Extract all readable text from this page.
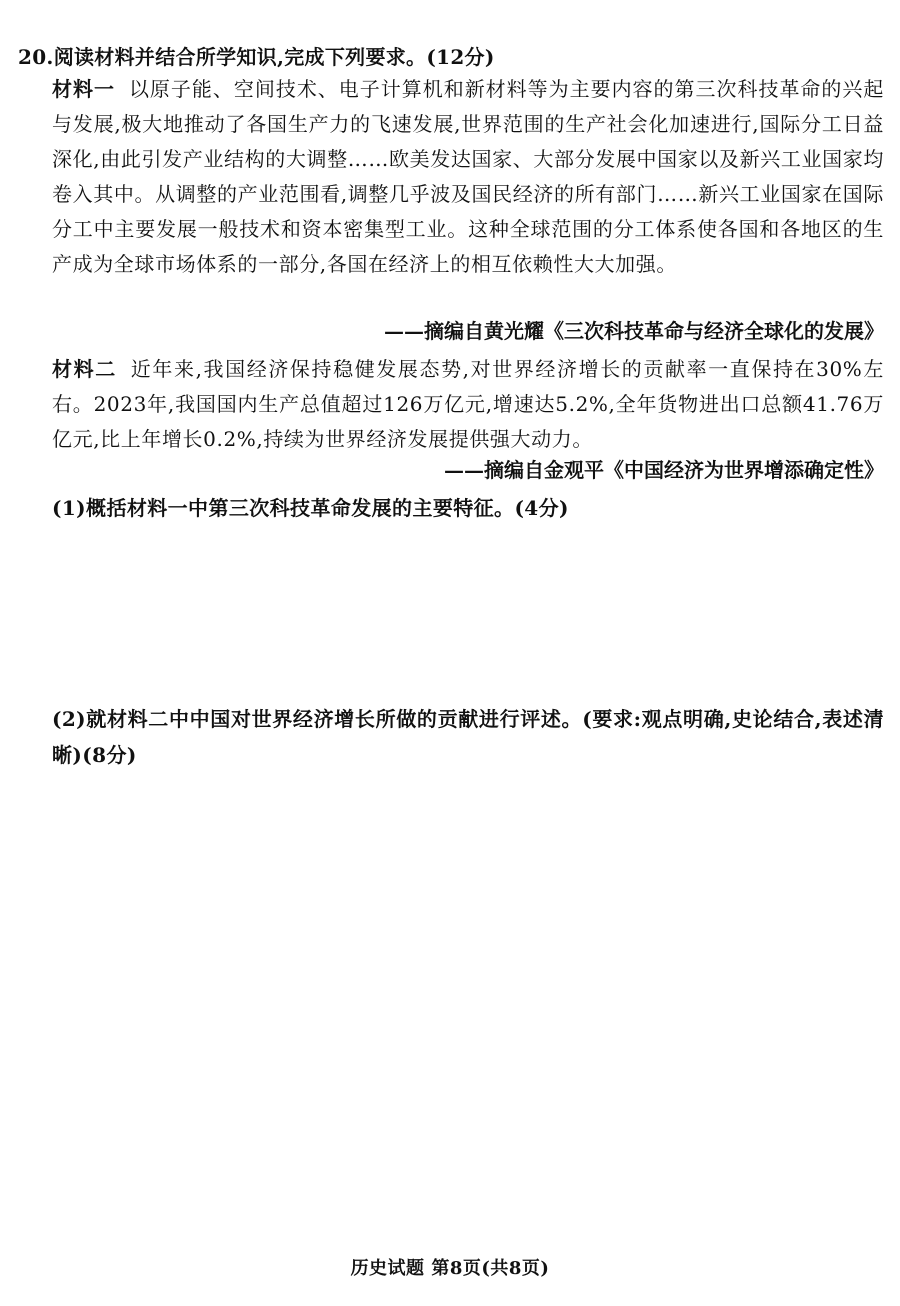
20.阅读材料并结合所学知识,完成下列要求。(12分)
材料一 以原子能、空间技术、电子计算机和新材料等为主要内容的第三次科技革命的兴起与发展,极大地推动了各国生产力的飞速发展,世界范围的生产社会化加速进行,国际分工日益深化,由此引发产业结构的大调整……欧美发达国家、大部分发展中国家以及新兴工业国家均卷入其中。从调整的产业范围看,调整几乎波及国民经济的所有部门……新兴工业国家在国际分工中主要发展一般技术和资本密集型工业。这种全球范围的分工体系使各国和各地区的生产成为全球市场体系的一部分,各国在经济上的相互依赖性大大加强。
——摘编自黄光耀《三次科技革命与经济全球化的发展》
材料二 近年来,我国经济保持稳健发展态势,对世界经济增长的贡献率一直保持在30%左右。2023年,我国国内生产总值超过126万亿元,增速达5.2%,全年货物进出口总额41.76万亿元,比上年增长0.2%,持续为世界经济发展提供强大动力。
——摘编自金观平《中国经济为世界增添确定性》
(1)概括材料一中第三次科技革命发展的主要特征。(4分)
(2)就材料二中中国对世界经济增长所做的贡献进行评述。(要求:观点明确,史论结合,表述清晰)(8分)
历史试题 第8页(共8页)
